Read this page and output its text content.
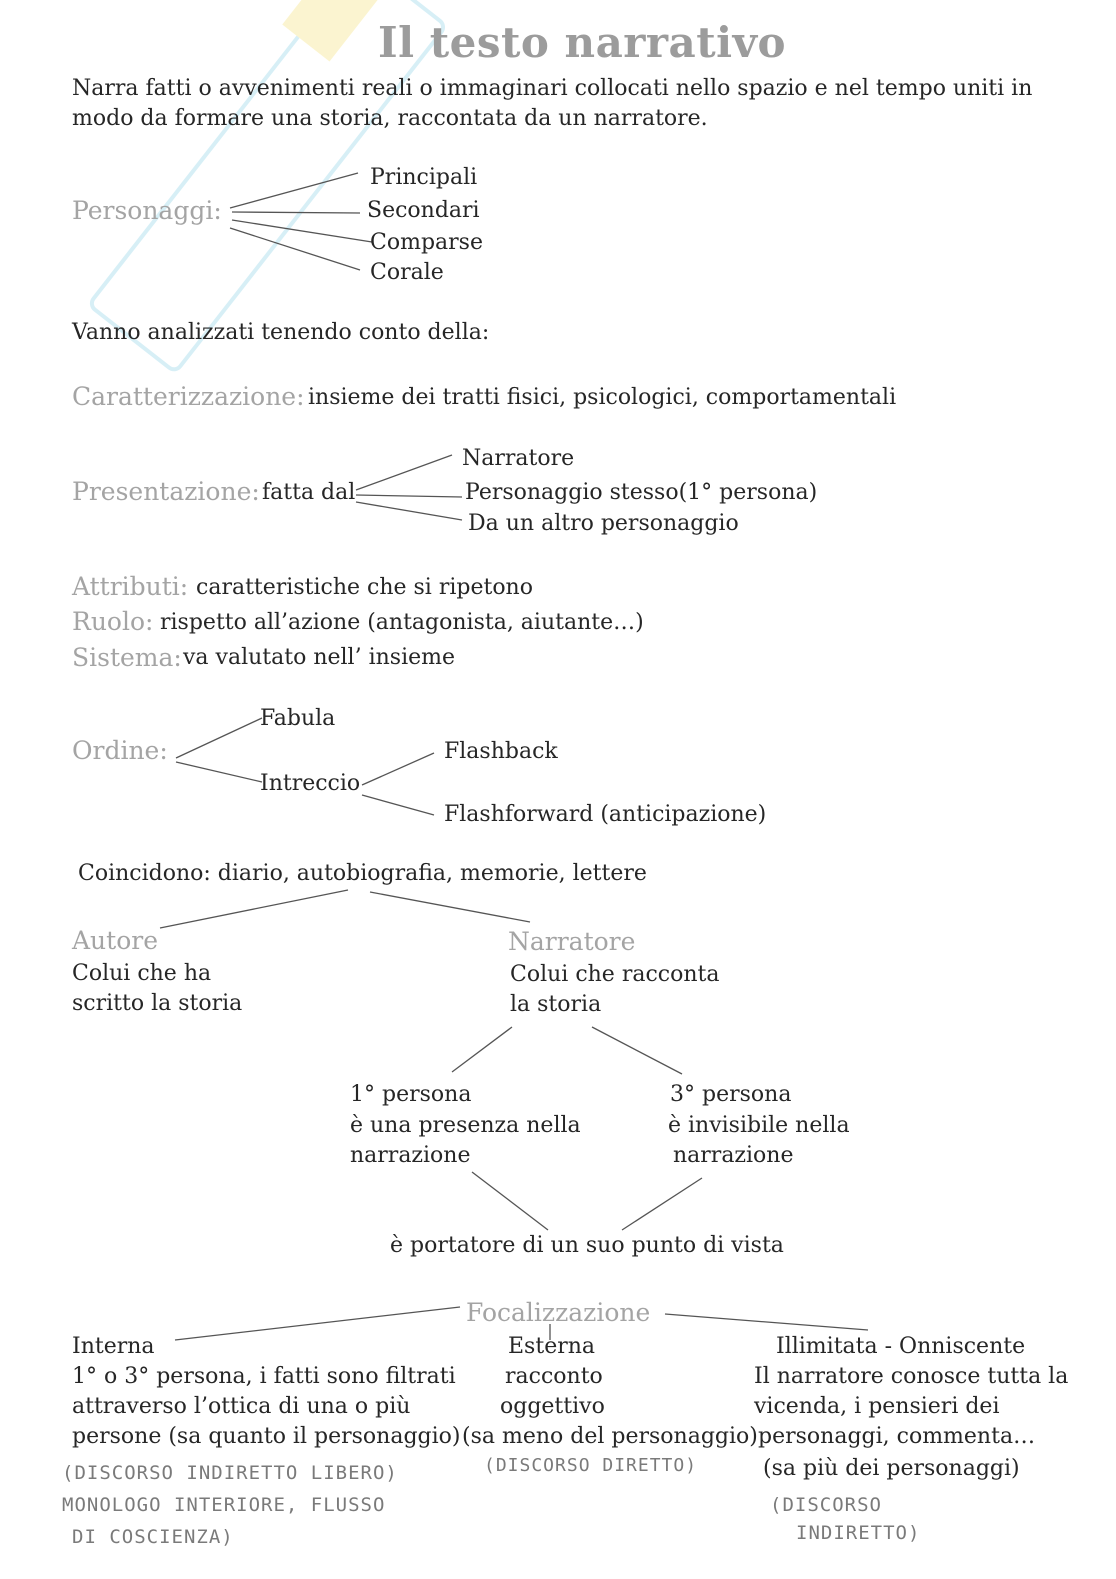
Il testo narrativo
Narra fatti o avvenimenti reali o immaginari collocati nello spazio e nel tempo uniti in
modo da formare una storia, raccontata da un narratore.
Personaggi:
Principali
Secondari
Comparse
Corale
Vanno analizzati tenendo conto della:
Caratterizzazione: insieme dei tratti fisici, psicologici, comportamentali
Presentazione: fatta dal
Narratore
Personaggio stesso(1° persona)
Da un altro personaggio
Attributi: caratteristiche che si ripetono
Ruolo: rispetto all’azione (antagonista, aiutante…)
Sistema: va valutato nell’ insieme
Ordine:
Fabula
Intreccio
Flashback
Flashforward (anticipazione)
Coincidono: diario, autobiografia, memorie, lettere
Autore
Colui che ha
scritto la storia
Narratore
Colui che racconta
la storia
1° persona
è una presenza nella
narrazione
3° persona
è invisibile nella
narrazione
è portatore di un suo punto di vista
Focalizzazione
Interna
1° o 3° persona, i fatti sono filtrati
attraverso l’ottica di una o più
persone (sa quanto il personaggio)
(DISCORSO INDIRETTO LIBERO)
MONOLOGO INTERIORE, FLUSSO
DI COSCIENZA)
Esterna
racconto
oggettivo
(sa meno del personaggio)
(DISCORSO DIRETTO)
Illimitata - Onniscente
Il narratore conosce tutta la
vicenda, i pensieri dei
personaggi, commenta…
(sa più dei personaggi)
(DISCORSO
INDIRETTO)
